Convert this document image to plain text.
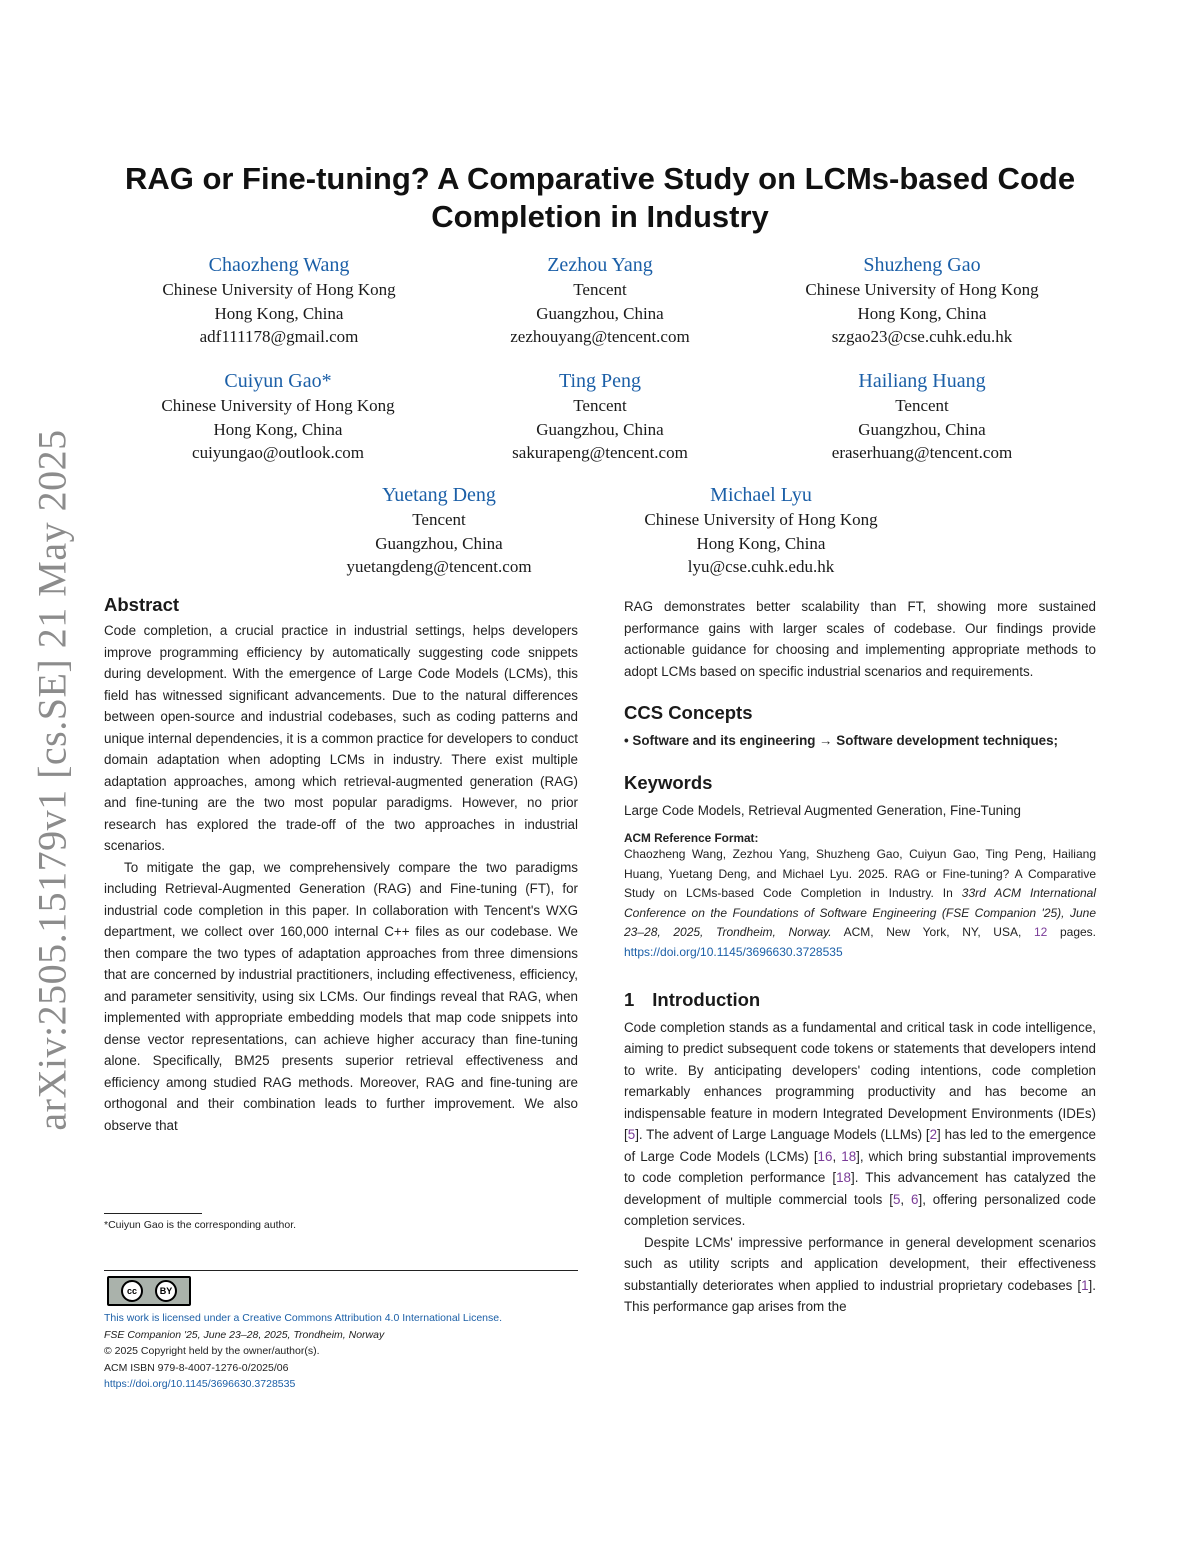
arXiv:2505.15179v1 [cs.SE] 21 May 2025
RAG or Fine-tuning? A Comparative Study on LCMs-based Code
Completion in Industry
Chaozheng Wang
Chinese University of Hong Kong
Hong Kong, China
adf111178@gmail.com
Zezhou Yang
Tencent
Guangzhou, China
zezhouyang@tencent.com
Shuzheng Gao
Chinese University of Hong Kong
Hong Kong, China
szgao23@cse.cuhk.edu.hk
Cuiyun Gao*
Chinese University of Hong Kong
Hong Kong, China
cuiyungao@outlook.com
Ting Peng
Tencent
Guangzhou, China
sakurapeng@tencent.com
Hailiang Huang
Tencent
Guangzhou, China
eraserhuang@tencent.com
Yuetang Deng
Tencent
Guangzhou, China
yuetangdeng@tencent.com
Michael Lyu
Chinese University of Hong Kong
Hong Kong, China
lyu@cse.cuhk.edu.hk
Abstract

Code completion, a crucial practice in industrial settings, helps developers improve programming efficiency by automatically suggesting code snippets during development. With the emergence of Large Code Models (LCMs), this field has witnessed significant advancements. Due to the natural differences between open-source and industrial codebases, such as coding patterns and unique internal dependencies, it is a common practice for developers to conduct domain adaptation when adopting LCMs in industry. There exist multiple adaptation approaches, among which retrieval-augmented generation (RAG) and fine-tuning are the two most popular paradigms. However, no prior research has explored the trade-off of the two approaches in industrial scenarios.

To mitigate the gap, we comprehensively compare the two paradigms including Retrieval-Augmented Generation (RAG) and Fine-tuning (FT), for industrial code completion in this paper. In collaboration with Tencent's WXG department, we collect over 160,000 internal C++ files as our codebase. We then compare the two types of adaptation approaches from three dimensions that are concerned by industrial practitioners, including effectiveness, efficiency, and parameter sensitivity, using six LCMs. Our findings reveal that RAG, when implemented with appropriate embedding models that map code snippets into dense vector representations, can achieve higher accuracy than fine-tuning alone. Specifically, BM25 presents superior retrieval effectiveness and efficiency among studied RAG methods. Moreover, RAG and fine-tuning are orthogonal and their combination leads to further improvement. We also observe that

*Cuiyun Gao is the corresponding author.
cc	BY
This work is licensed under a Creative Commons Attribution 4.0 International License.
FSE Companion '25, June 23–28, 2025, Trondheim, Norway
© 2025 Copyright held by the owner/author(s).
ACM ISBN 979-8-4007-1276-0/2025/06
https://doi.org/10.1145/3696630.3728535

RAG demonstrates better scalability than FT, showing more sustained performance gains with larger scales of codebase. Our findings provide actionable guidance for choosing and implementing appropriate methods to adopt LCMs based on specific industrial scenarios and requirements.

CCS Concepts

• Software and its engineering → Software development techniques;

Keywords

Large Code Models, Retrieval Augmented Generation, Fine-Tuning

ACM Reference Format:

Chaozheng Wang, Zezhou Yang, Shuzheng Gao, Cuiyun Gao, Ting Peng, Hailiang Huang, Yuetang Deng, and Michael Lyu. 2025. RAG or Fine-tuning? A Comparative Study on LCMs-based Code Completion in Industry. In 33rd ACM International Conference on the Foundations of Software Engineering (FSE Companion '25), June 23–28, 2025, Trondheim, Norway. ACM, New York, NY, USA, 12 pages. https://doi.org/10.1145/3696630.3728535

1 Introduction

Code completion stands as a fundamental and critical task in code intelligence, aiming to predict subsequent code tokens or statements that developers intend to write. By anticipating developers' coding intentions, code completion remarkably enhances programming productivity and has become an indispensable feature in modern Integrated Development Environments (IDEs) [5]. The advent of Large Language Models (LLMs) [2] has led to the emergence of Large Code Models (LCMs) [16, 18], which bring substantial improvements to code completion performance [18]. This advancement has catalyzed the development of multiple commercial tools [5, 6], offering personalized code completion services.

Despite LCMs' impressive performance in general development scenarios such as utility scripts and application development, their effectiveness substantially deteriorates when applied to industrial proprietary codebases [1]. This performance gap arises from the
